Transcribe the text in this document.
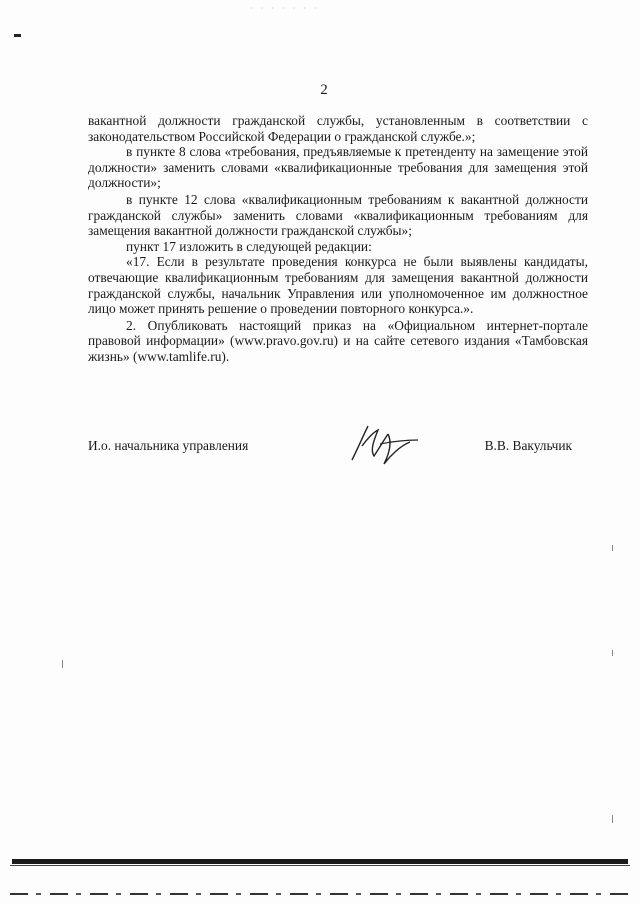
· · · · · · ·
2

вакантной должности гражданской службы, установленным в соответствии с законодательством Российской Федерации о гражданской службе.»;

в пункте 8 слова «требования, предъявляемые к претенденту на замещение этой должности» заменить словами «квалификационные требования для замещения этой должности»;

в пункте 12 слова «квалификационным требованиям к вакантной должности гражданской службы» заменить словами «квалификационным требованиям для замещения вакантной должности гражданской службы»;

пункт 17 изложить в следующей редакции:

«17. Если в результате проведения конкурса не были выявлены кандидаты, отвечающие квалификационным требованиям для замещения вакантной должности гражданской службы, начальник Управления или уполномоченное им должностное лицо может принять решение о проведении повторного конкурса.».

2. Опубликовать настоящий приказ на «Официальном интернет-портале правовой информации» (www.pravo.gov.ru) и на сайте сетевого издания «Тамбовская жизнь» (www.tamlife.ru).

И.о. начальника управления	В.В. Вакульчик
